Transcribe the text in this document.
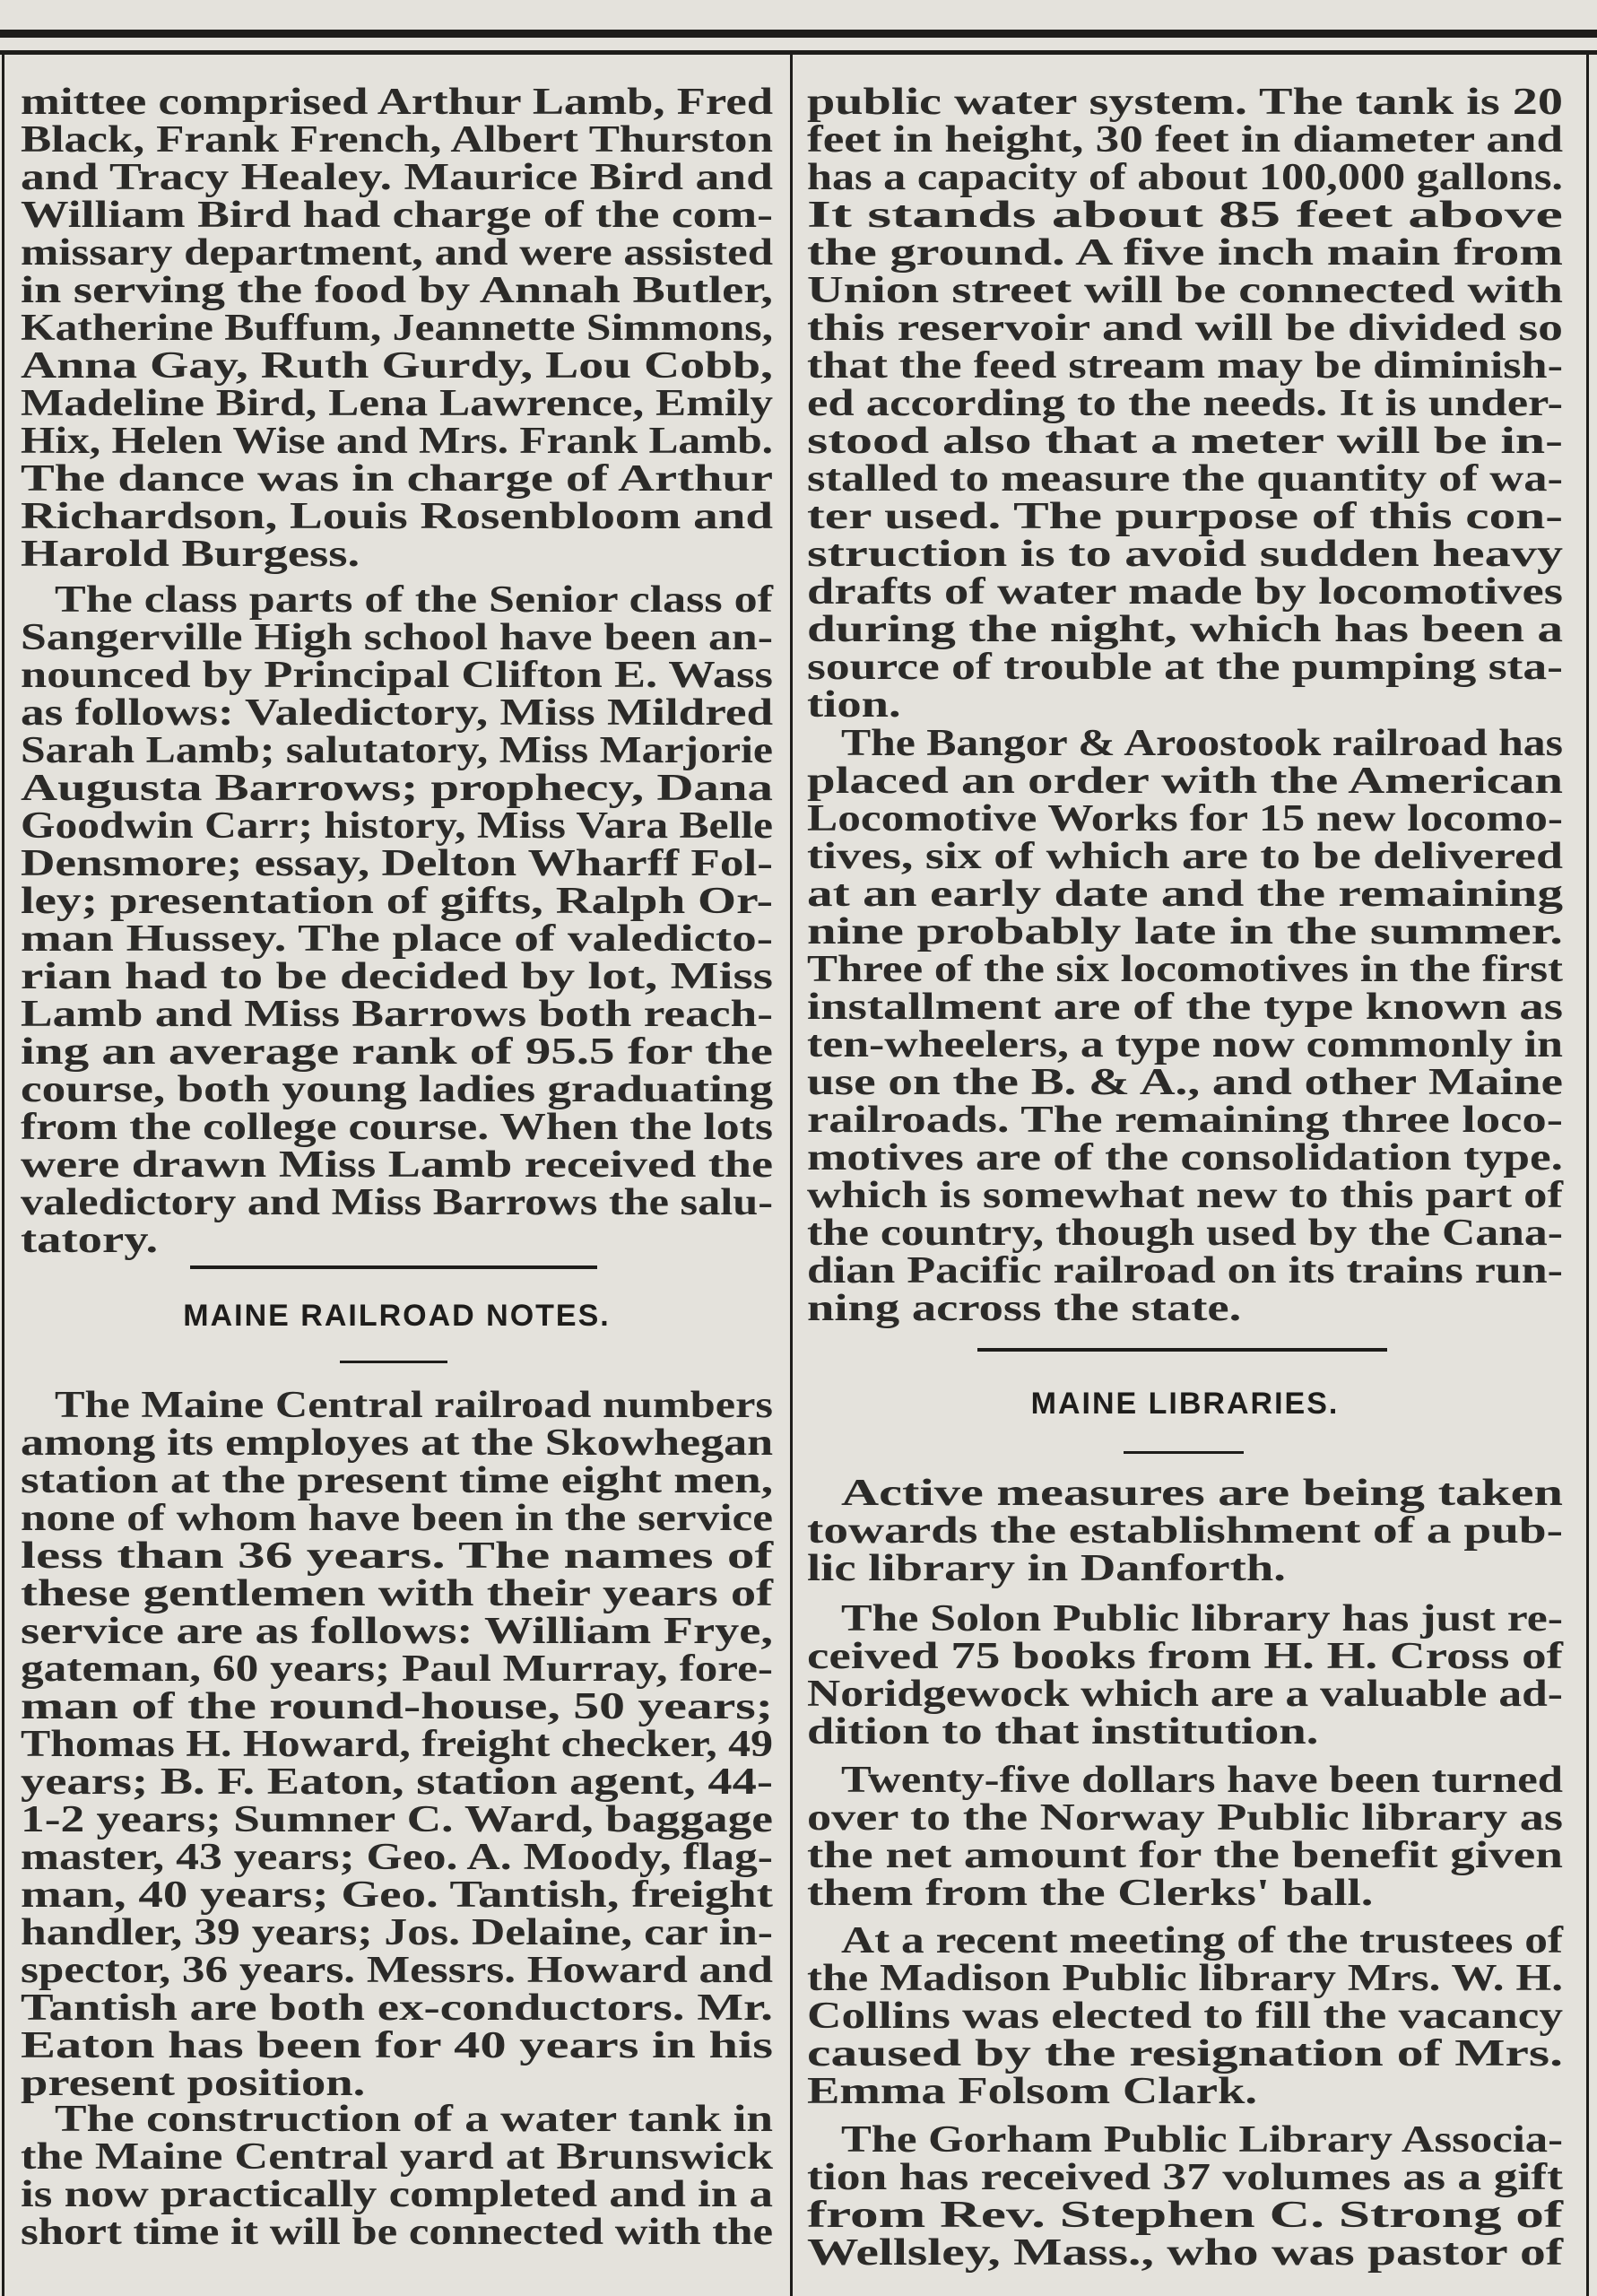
mittee comprised Arthur Lamb, Fred
Black, Frank French, Albert Thurston
and Tracy Healey. Maurice Bird and
William Bird had charge of the com-
missary department, and were assisted
in serving the food by Annah Butler,
Katherine Buffum, Jeannette Simmons,
Anna Gay, Ruth Gurdy, Lou Cobb,
Madeline Bird, Lena Lawrence, Emily
Hix, Helen Wise and Mrs. Frank Lamb.
The dance was in charge of Arthur
Richardson, Louis Rosenbloom and
Harold Burgess.
The class parts of the Senior class of
Sangerville High school have been an-
nounced by Principal Clifton E. Wass
as follows: Valedictory, Miss Mildred
Sarah Lamb; salutatory, Miss Marjorie
Augusta Barrows; prophecy, Dana
Goodwin Carr; history, Miss Vara Belle
Densmore; essay, Delton Wharff Fol-
ley; presentation of gifts, Ralph Or-
man Hussey. The place of valedicto-
rian had to be decided by lot, Miss
Lamb and Miss Barrows both reach-
ing an average rank of 95.5 for the
course, both young ladies graduating
from the college course. When the lots
were drawn Miss Lamb received the
valedictory and Miss Barrows the salu-
tatory.
MAINE RAILROAD NOTES.
The Maine Central railroad numbers
among its employes at the Skowhegan
station at the present time eight men,
none of whom have been in the service
less than 36 years. The names of
these gentlemen with their years of
service are as follows: William Frye,
gateman, 60 years; Paul Murray, fore-
man of the round-house, 50 years;
Thomas H. Howard, freight checker, 49
years; B. F. Eaton, station agent, 44-
1-2 years; Sumner C. Ward, baggage
master, 43 years; Geo. A. Moody, flag-
man, 40 years; Geo. Tantish, freight
handler, 39 years; Jos. Delaine, car in-
spector, 36 years. Messrs. Howard and
Tantish are both ex-conductors. Mr.
Eaton has been for 40 years in his
present position.
The construction of a water tank in
the Maine Central yard at Brunswick
is now practically completed and in a
short time it will be connected with the
public water system. The tank is 20
feet in height, 30 feet in diameter and
has a capacity of about 100,000 gallons.
It stands about 85 feet above
the ground. A five inch main from
Union street will be connected with
this reservoir and will be divided so
that the feed stream may be diminish-
ed according to the needs. It is under-
stood also that a meter will be in-
stalled to measure the quantity of wa-
ter used. The purpose of this con-
struction is to avoid sudden heavy
drafts of water made by locomotives
during the night, which has been a
source of trouble at the pumping sta-
tion.
The Bangor & Aroostook railroad has
placed an order with the American
Locomotive Works for 15 new locomo-
tives, six of which are to be delivered
at an early date and the remaining
nine probably late in the summer.
Three of the six locomotives in the first
installment are of the type known as
ten-wheelers, a type now commonly in
use on the B. & A., and other Maine
railroads. The remaining three loco-
motives are of the consolidation type.
which is somewhat new to this part of
the country, though used by the Cana-
dian Pacific railroad on its trains run-
ning across the state.
MAINE LIBRARIES.
Active measures are being taken
towards the establishment of a pub-
lic library in Danforth.
The Solon Public library has just re-
ceived 75 books from H. H. Cross of
Noridgewock which are a valuable ad-
dition to that institution.
Twenty-five dollars have been turned
over to the Norway Public library as
the net amount for the benefit given
them from the Clerks' ball.
At a recent meeting of the trustees of
the Madison Public library Mrs. W. H.
Collins was elected to fill the vacancy
caused by the resignation of Mrs.
Emma Folsom Clark.
The Gorham Public Library Associa-
tion has received 37 volumes as a gift
from Rev. Stephen C. Strong of
Wellsley, Mass., who was pastor of
